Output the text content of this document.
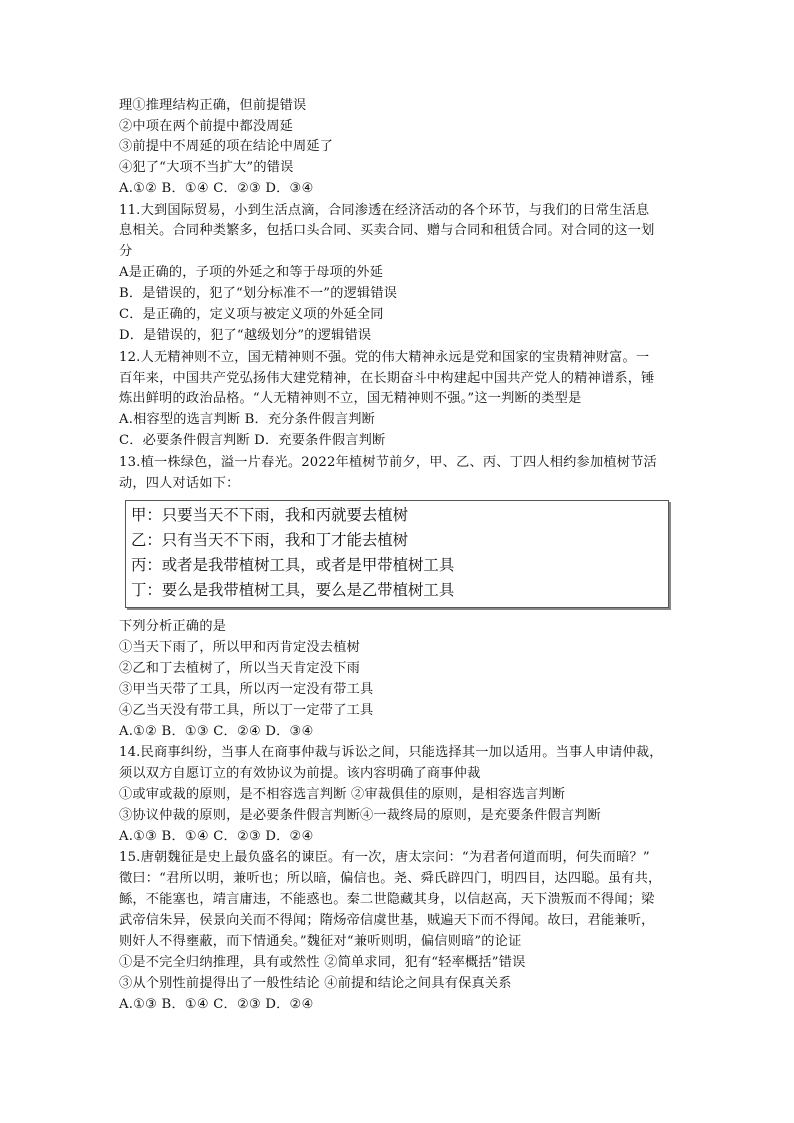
理①推理结构正确，但前提错误
②中项在两个前提中都没周延
③前提中不周延的项在结论中周延了
④犯了“大项不当扩大”的错误
A.①② B．①④ C．②③ D．③④
11.大到国际贸易，小到生活点滴，合同渗透在经济活动的各个环节，与我们的日常生活息
息相关。合同种类繁多，包括口头合同、买卖合同、赠与合同和租赁合同。对合同的这一划
分
A是正确的，子项的外延之和等于母项的外延
B．是错误的，犯了“划分标准不一”的逻辑错误
C．是正确的，定义项与被定义项的外延全同
D．是错误的，犯了“越级划分”的逻辑错误
12.人无精神则不立，国无精神则不强。党的伟大精神永远是党和国家的宝贵精神财富。一
百年来，中国共产党弘扬伟大建党精神，在长期奋斗中构建起中国共产党人的精神谱系，锤
炼出鲜明的政治品格。“人无精神则不立，国无精神则不强。”这一判断的类型是
A.相容型的选言判断 B．充分条件假言判断
C．必要条件假言判断 D．充要条件假言判断
13.植一株绿色，溢一片春光。2022年植树节前夕，甲、乙、丙、丁四人相约参加植树节活
动，四人对话如下：
甲：只要当天不下雨，我和丙就要去植树
乙：只有当天不下雨，我和丁才能去植树
丙：或者是我带植树工具，或者是甲带植树工具
丁：要么是我带植树工具，要么是乙带植树工具
下列分析正确的是
①当天下雨了，所以甲和丙肯定没去植树
②乙和丁去植树了，所以当天肯定没下雨
③甲当天带了工具，所以丙一定没有带工具
④乙当天没有带工具，所以丁一定带了工具
A.①② B．①③ C．②④ D．③④
14.民商事纠纷，当事人在商事仲裁与诉讼之间，只能选择其一加以适用。当事人申请仲裁，
须以双方自愿订立的有效协议为前提。该内容明确了商事仲裁
①或审或裁的原则，是不相容选言判断 ②审裁俱佳的原则，是相容选言判断
③协议仲裁的原则，是必要条件假言判断④一裁终局的原则，是充要条件假言判断
A.①③ B．①④ C．②③ D．②④
15.唐朝魏征是史上最负盛名的谏臣。有一次，唐太宗问：“为君者何道而明，何失而暗？”
徵曰：“君所以明，兼听也；所以暗，偏信也。尧、舜氏辟四门，明四目，达四聪。虽有共，
鲧，不能塞也，靖言庸违，不能惑也。秦二世隐藏其身，以信赵高，天下溃叛而不得闻；梁
武帝信朱异，侯景向关而不得闻；隋炀帝信虞世基，贼遍天下而不得闻。故曰，君能兼听，
则奸人不得壅蔽，而下情通矣。”魏征对“兼听则明，偏信则暗”的论证
①是不完全归纳推理，具有或然性 ②简单求同，犯有“轻率概括”错误
③从个别性前提得出了一般性结论 ④前提和结论之间具有保真关系
A.①③ B．①④ C．②③ D．②④
